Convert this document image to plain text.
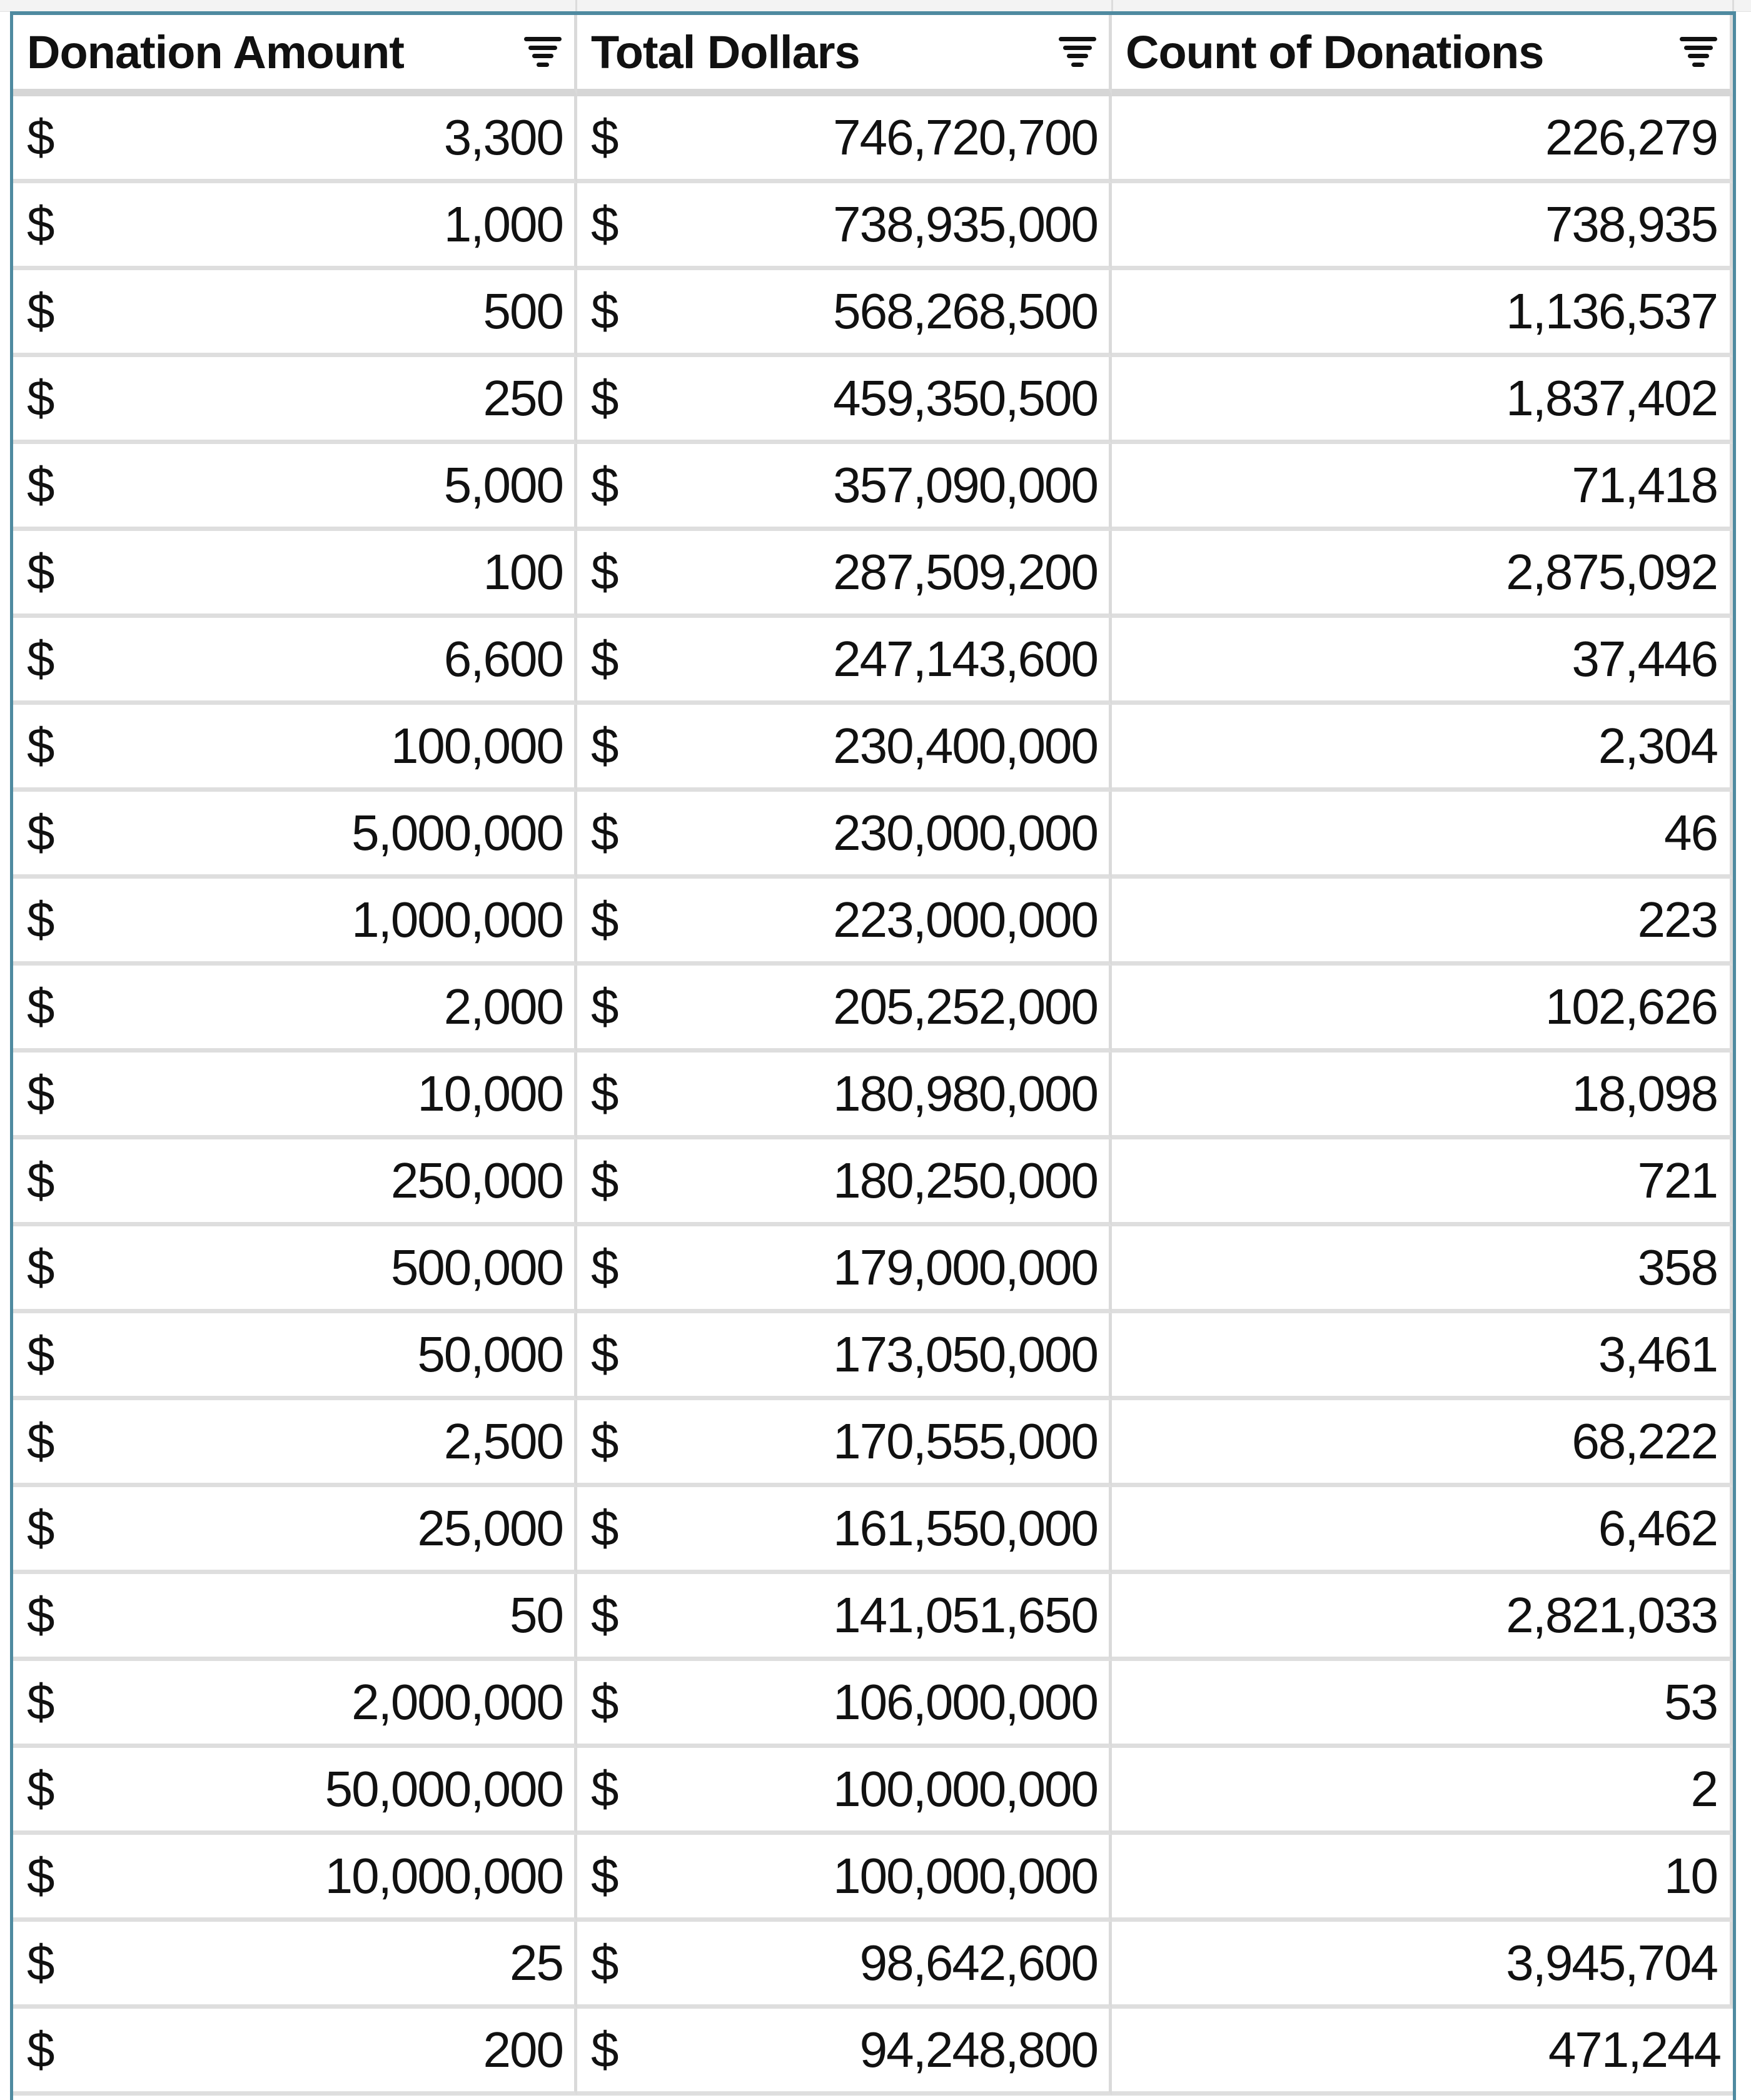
Donation Amount	Total Dollars	Count of Donations
$	3,300 $	746,720,700	226,279
$	1,000 $	738,935,000	738,935
$	500 $	568,268,500	1,136,537
$	250 $	459,350,500	1,837,402
$	5,000 $	357,090,000	71,418
$	100 $	287,509,200	2,875,092
$	6,600 $	247,143,600	37,446
$	100,000 $	230,400,000	2,304
$	5,000,000 $	230,000,000	46
$	1,000,000 $	223,000,000	223
$	2,000 $	205,252,000	102,626
$	10,000 $	180,980,000	18,098
$	250,000 $	180,250,000	721
$	500,000 $	179,000,000	358
$	50,000 $	173,050,000	3,461
$	2,500 $	170,555,000	68,222
$	25,000 $	161,550,000	6,462
$	50 $	141,051,650	2,821,033
$	2,000,000 $	106,000,000	53
$	50,000,000 $	100,000,000	2
$	10,000,000 $	100,000,000	10
$	25 $	98,642,600	3,945,704
$	200 $	94,248,800	471,244
